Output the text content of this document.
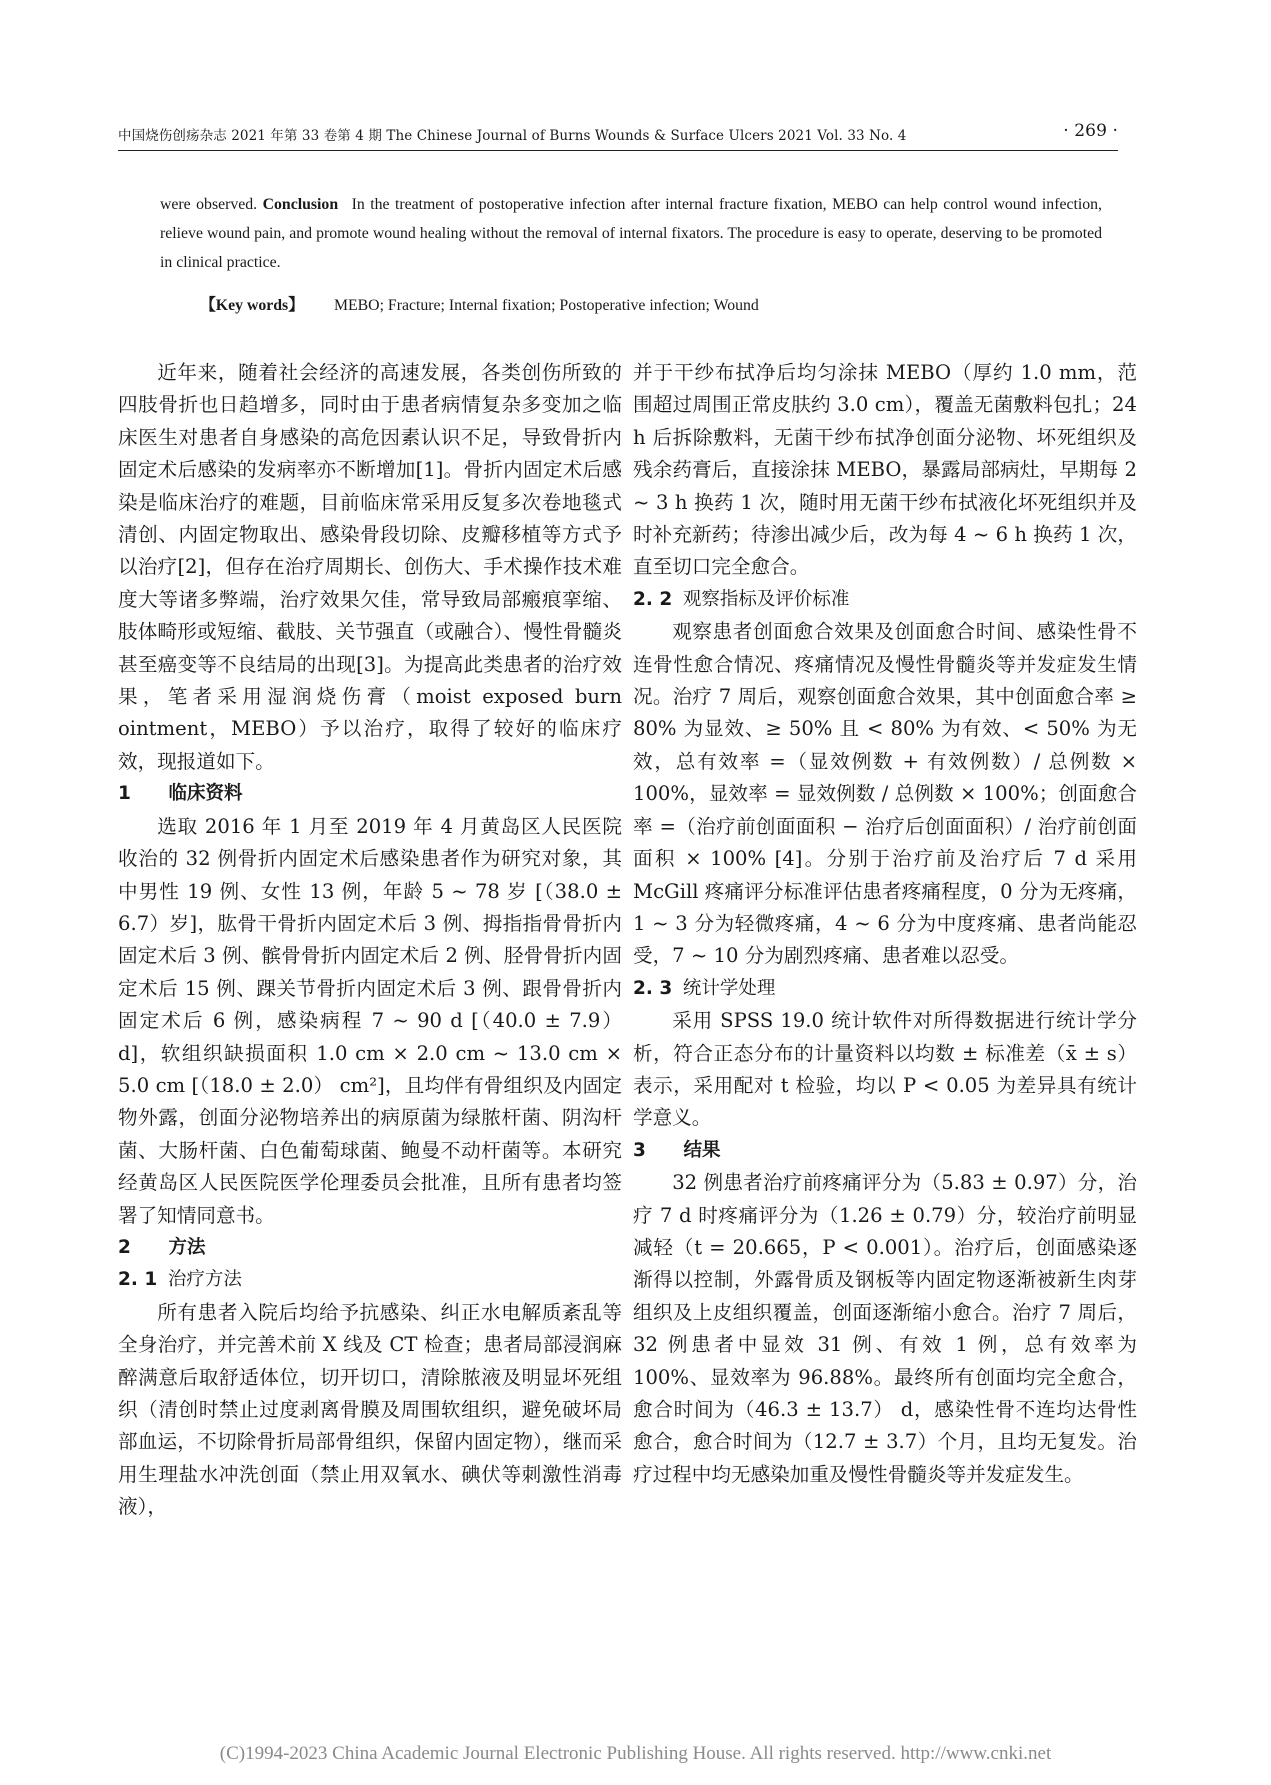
中国烧伤创疡杂志 2021 年第 33 卷第 4 期 The Chinese Journal of Burns Wounds & Surface Ulcers 2021 Vol. 33 No. 4	· 269 ·
were observed. Conclusion In the treatment of postoperative infection after internal fracture fixation, MEBO can help control wound infection, relieve wound pain, and promote wound healing without the removal of internal fixators. The procedure is easy to operate, deserving to be promoted in clinical practice.
【Key words】 MEBO; Fracture; Internal fixation; Postoperative infection; Wound

近年来，随着社会经济的高速发展，各类创伤所致的四肢骨折也日趋增多，同时由于患者病情复杂多变加之临床医生对患者自身感染的高危因素认识不足，导致骨折内固定术后感染的发病率亦不断增加[1]。骨折内固定术后感染是临床治疗的难题，目前临床常采用反复多次卷地毯式清创、内固定物取出、感染骨段切除、皮瓣移植等方式予以治疗[2]，但存在治疗周期长、创伤大、手术操作技术难度大等诸多弊端，治疗效果欠佳，常导致局部瘢痕挛缩、肢体畸形或短缩、截肢、关节强直（或融合）、慢性骨髓炎甚至癌变等不良结局的出现[3]。为提高此类患者的治疗效果，笔者采用湿润烧伤膏（moist exposed burn ointment，MEBO）予以治疗，取得了较好的临床疗效，现报道如下。

1 临床资料

选取 2016 年 1 月至 2019 年 4 月黄岛区人民医院收治的 32 例骨折内固定术后感染患者作为研究对象，其中男性 19 例、女性 13 例，年龄 5 ~ 78 岁 [（38.0 ± 6.7）岁]，肱骨干骨折内固定术后 3 例、拇指指骨骨折内固定术后 3 例、髌骨骨折内固定术后 2 例、胫骨骨折内固定术后 15 例、踝关节骨折内固定术后 3 例、跟骨骨折内固定术后 6 例，感染病程 7 ~ 90 d [（40.0 ± 7.9） d]，软组织缺损面积 1.0 cm × 2.0 cm ~ 13.0 cm × 5.0 cm [（18.0 ± 2.0） cm²]，且均伴有骨组织及内固定物外露，创面分泌物培养出的病原菌为绿脓杆菌、阴沟杆菌、大肠杆菌、白色葡萄球菌、鲍曼不动杆菌等。本研究经黄岛区人民医院医学伦理委员会批准，且所有患者均签署了知情同意书。

2 方法
2. 1 治疗方法

所有患者入院后均给予抗感染、纠正水电解质紊乱等全身治疗，并完善术前 X 线及 CT 检查；患者局部浸润麻醉满意后取舒适体位，切开切口，清除脓液及明显坏死组织（清创时禁止过度剥离骨膜及周围软组织，避免破坏局部血运，不切除骨折局部骨组织，保留内固定物），继而采用生理盐水冲洗创面（禁止用双氧水、碘伏等刺激性消毒液），

并于干纱布拭净后均匀涂抹 MEBO（厚约 1.0 mm，范围超过周围正常皮肤约 3.0 cm），覆盖无菌敷料包扎；24 h 后拆除敷料，无菌干纱布拭净创面分泌物、坏死组织及残余药膏后，直接涂抹 MEBO，暴露局部病灶，早期每 2 ~ 3 h 换药 1 次，随时用无菌干纱布拭液化坏死组织并及时补充新药；待渗出减少后，改为每 4 ~ 6 h 换药 1 次，直至切口完全愈合。

2. 2 观察指标及评价标准

观察患者创面愈合效果及创面愈合时间、感染性骨不连骨性愈合情况、疼痛情况及慢性骨髓炎等并发症发生情况。治疗 7 周后，观察创面愈合效果，其中创面愈合率 ≥ 80% 为显效、≥ 50% 且 < 80% 为有效、< 50% 为无效，总有效率 =（显效例数 + 有效例数）/ 总例数 × 100%，显效率 = 显效例数 / 总例数 × 100%；创面愈合率 =（治疗前创面面积 − 治疗后创面面积）/ 治疗前创面面积 × 100% [4]。分别于治疗前及治疗后 7 d 采用 McGill 疼痛评分标准评估患者疼痛程度，0 分为无疼痛，1 ~ 3 分为轻微疼痛，4 ~ 6 分为中度疼痛、患者尚能忍受，7 ~ 10 分为剧烈疼痛、患者难以忍受。

2. 3 统计学处理

采用 SPSS 19.0 统计软件对所得数据进行统计学分析，符合正态分布的计量资料以均数 ± 标准差（x̄ ± s）表示，采用配对 t 检验，均以 P < 0.05 为差异具有统计学意义。

3 结果

32 例患者治疗前疼痛评分为（5.83 ± 0.97）分，治疗 7 d 时疼痛评分为（1.26 ± 0.79）分，较治疗前明显减轻（t = 20.665，P < 0.001）。治疗后，创面感染逐渐得以控制，外露骨质及钢板等内固定物逐渐被新生肉芽组织及上皮组织覆盖，创面逐渐缩小愈合。治疗 7 周后，32 例患者中显效 31 例、有效 1 例，总有效率为 100%、显效率为 96.88%。最终所有创面均完全愈合，愈合时间为（46.3 ± 13.7） d，感染性骨不连均达骨性愈合，愈合时间为（12.7 ± 3.7）个月，且均无复发。治疗过程中均无感染加重及慢性骨髓炎等并发症发生。

(C)1994-2023 China Academic Journal Electronic Publishing House. All rights reserved. http://www.cnki.net
